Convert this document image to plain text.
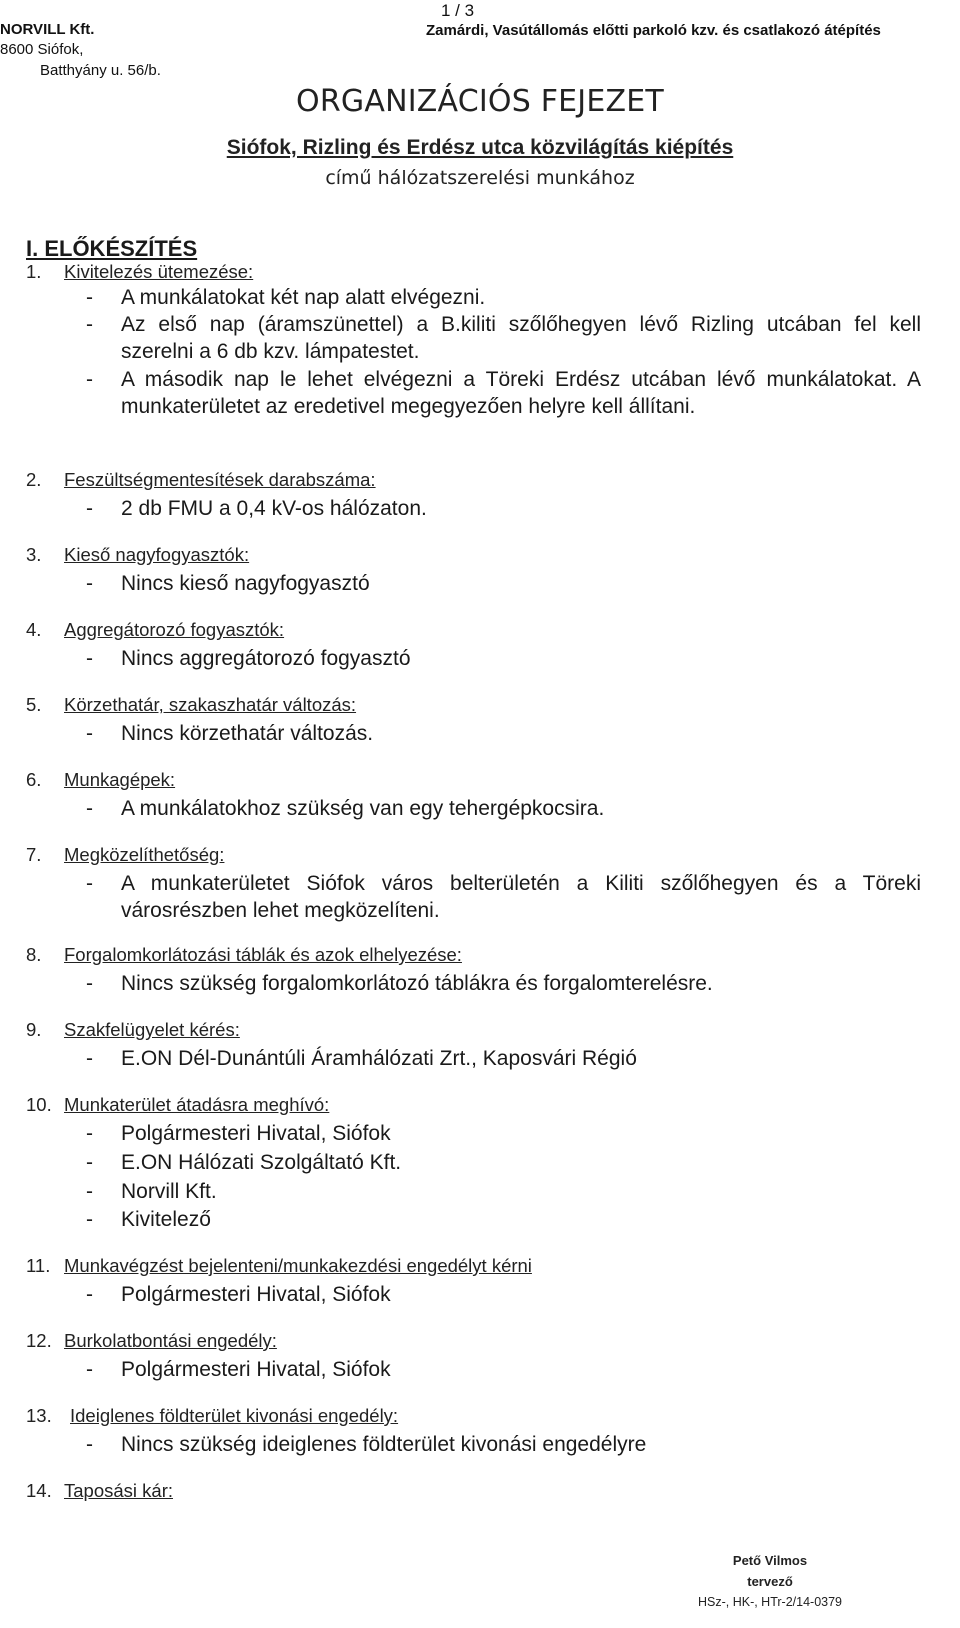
NORVILL Kft.
8600 Siófok,
Batthyány u. 56/b.
1 / 3
Zamárdi, Vasútállomás előtti parkoló kzv. és csatlakozó átépítés
ORGANIZÁCIÓS FEJEZET
Siófok, Rizling és Erdész utca közvilágítás kiépítés
című hálózatszerelési munkához
I. ELŐKÉSZÍTÉS
1. Kivitelezés ütemezése:
- A munkálatokat két nap alatt elvégezni.
- Az első nap (áramszünettel) a B.kiliti szőlőhegyen lévő Rizling utcában fel kell szerelni a 6 db kzv. lámpatestet.
- A második nap le lehet elvégezni a Töreki Erdész utcában lévő munkálatokat. A munkaterületet az eredetivel megegyezően helyre kell állítani.
2. Feszültségmentesítések darabszáma:
- 2 db FMU a 0,4 kV-os hálózaton.
3. Kieső nagyfogyasztók:
- Nincs kieső nagyfogyasztó
4. Aggregátorozó fogyasztók:
- Nincs aggregátorozó fogyasztó
5. Körzethatár, szakaszhatár változás:
- Nincs körzethatár változás.
6. Munkagépek:
- A munkálatokhoz szükség van egy tehergépkocsira.
7. Megközelíthetőség:
- A munkaterületet Siófok város belterületén a Kiliti szőlőhegyen és a Töreki városrészben lehet megközelíteni.
8. Forgalomkorlátozási táblák és azok elhelyezése:
- Nincs szükség forgalomkorlátozó táblákra és forgalomterelésre.
9. Szakfelügyelet kérés:
- E.ON Dél-Dunántúli Áramhálózati Zrt., Kaposvári Régió
10. Munkaterület átadásra meghívó:
- Polgármesteri Hivatal, Siófok
- E.ON Hálózati Szolgáltató Kft.
- Norvill Kft.
- Kivitelező
11. Munkavégzést bejelenteni/munkakezdési engedélyt kérni
- Polgármesteri Hivatal, Siófok
12. Burkolatbontási engedély:
- Polgármesteri Hivatal, Siófok
13. Ideiglenes földterület kivonási engedély:
- Nincs szükség ideiglenes földterület kivonási engedélyre
14. Taposási kár:
Pető Vilmos
tervező
HSz-, HK-, HTr-2/14-0379
